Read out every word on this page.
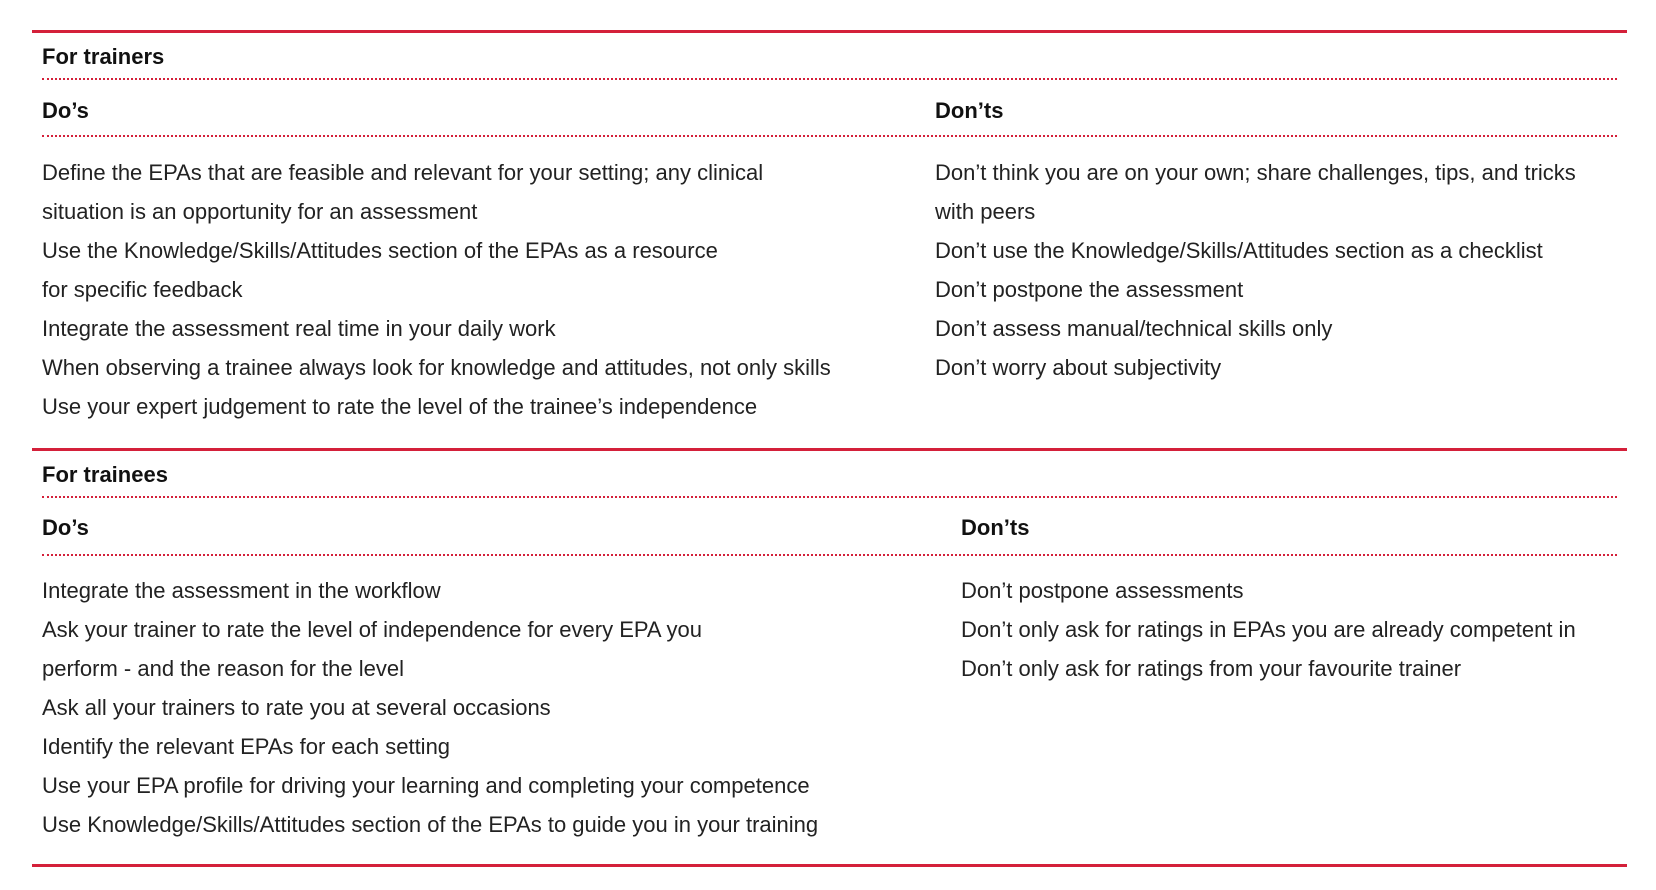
For trainers
Do’s	Don’ts
Define the EPAs that are feasible and relevant for your setting; any clinical
situation is an opportunity for an assessment
Use the Knowledge/Skills/Attitudes section of the EPAs as a resource
for specific feedback
Integrate the assessment real time in your daily work
When observing a trainee always look for knowledge and attitudes, not only skills
Use your expert judgement to rate the level of the trainee’s independence
Don’t think you are on your own; share challenges, tips, and tricks
with peers
Don’t use the Knowledge/Skills/Attitudes section as a checklist

Don’t postpone the assessment
Don’t assess manual/technical skills only
Don’t worry about subjectivity
For trainees
Do’s	Don’ts
Integrate the assessment in the workflow
Ask your trainer to rate the level of independence for every EPA you
perform - and the reason for the level
Ask all your trainers to rate you at several occasions
Identify the relevant EPAs for each setting
Use your EPA profile for driving your learning and completing your competence
Use Knowledge/Skills/Attitudes section of the EPAs to guide you in your training
Don’t postpone assessments
Don’t only ask for ratings in EPAs you are already competent in

Don’t only ask for ratings from your favourite trainer
